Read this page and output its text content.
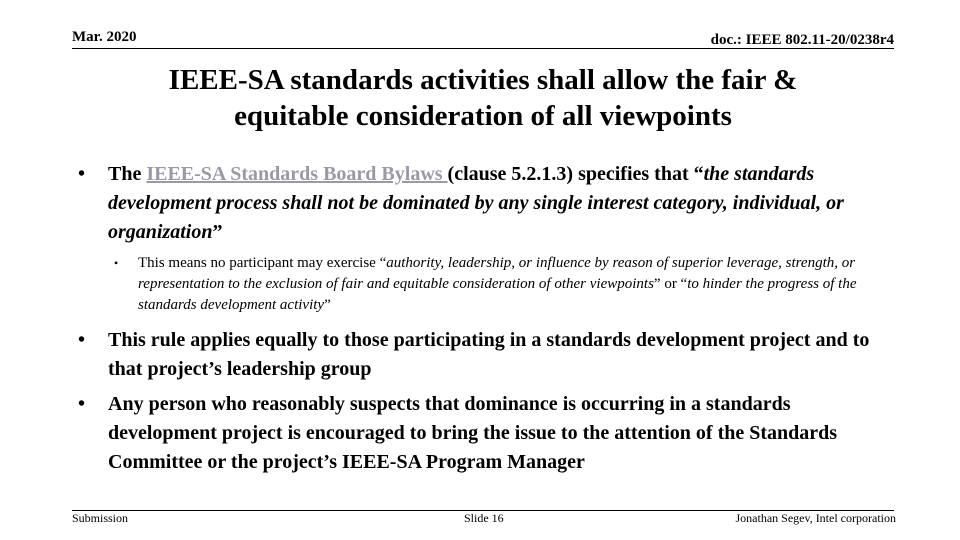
Mar. 2020	doc.: IEEE 802.11-20/0238r4
IEEE-SA standards activities shall allow the fair &
equitable consideration of all viewpoints
• The IEEE-SA Standards Board Bylaws (clause 5.2.1.3) specifies that “the standards development process shall not be dominated by any single interest category, individual, or organization”
• This means no participant may exercise “authority, leadership, or influence by reason of superior leverage, strength, or representation to the exclusion of fair and equitable consideration of other viewpoints” or “to hinder the progress of the standards development activity”
• This rule applies equally to those participating in a standards development project and to that project’s leadership group
• Any person who reasonably suspects that dominance is occurring in a standards development project is encouraged to bring the issue to the attention of the Standards Committee or the project’s IEEE-SA Program Manager
Submission	Slide 16	Jonathan Segev, Intel corporation
